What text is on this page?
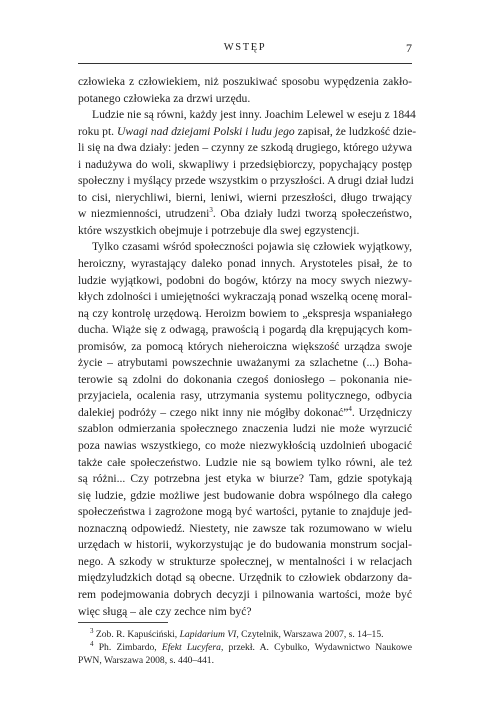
WSTĘP	7

człowieka z człowiekiem, niż poszukiwać sposobu wypędzenia zakło-
potanego człowieka za drzwi urzędu.

Ludzie nie są równi, każdy jest inny. Joachim Lelewel w eseju z 1844
roku pt. Uwagi nad dziejami Polski i ludu jego zapisał, że ludzkość dzie-
li się na dwa działy: jeden – czynny ze szkodą drugiego, którego używa
i nadużywa do woli, skwapliwy i przedsiębiorczy, popychający postęp
społeczny i myślący przede wszystkim o przyszłości. A drugi dział ludzi
to cisi, nierychliwi, bierni, leniwi, wierni przeszłości, długo trwający
w niezmienności, utrudzeni$^3$. Oba działy ludzi tworzą społeczeństwo,
które wszystkich obejmuje i potrzebuje dla swej egzystencji.

Tylko czasami wśród społeczności pojawia się człowiek wyjątkowy,
heroiczny, wyrastający daleko ponad innych. Arystoteles pisał, że to
ludzie wyjątkowi, podobni do bogów, którzy na mocy swych niezwy-
kłych zdolności i umiejętności wykraczają ponad wszelką ocenę moral-
ną czy kontrolę urzędową. Heroizm bowiem to „ekspresja wspaniałego
ducha. Wiąże się z odwagą, prawością i pogardą dla krępujących kom-
promisów, za pomocą których nieheroiczna większość urządza swoje
życie – atrybutami powszechnie uważanymi za szlachetne (...) Boha-
terowie są zdolni do dokonania czegoś doniosłego – pokonania nie-
przyjaciela, ocalenia rasy, utrzymania systemu politycznego, odbycia
dalekiej podróży – czego nikt inny nie mógłby dokonać”$^4$. Urzędniczy
szablon odmierzania społecznego znaczenia ludzi nie może wyrzucić
poza nawias wszystkiego, co może niezwykłością uzdolnień ubogacić
także całe społeczeństwo. Ludzie nie są bowiem tylko równi, ale też
są różni... Czy potrzebna jest etyka w biurze? Tam, gdzie spotykają
się ludzie, gdzie możliwe jest budowanie dobra wspólnego dla całego
społeczeństwa i zagrożone mogą być wartości, pytanie to znajduje jed-
noznaczną odpowiedź. Niestety, nie zawsze tak rozumowano w wielu
urzędach w historii, wykorzystując je do budowania monstrum socjal-
nego. A szkody w strukturze społecznej, w mentalności i w relacjach
międzyludzkich dotąd są obecne. Urzędnik to człowiek obdarzony da-
rem podejmowania dobrych decyzji i pilnowania wartości, może być
więc sługą – ale czy zechce nim być?

$^3$ Zob. R. Kapuściński, Lapidarium VI, Czytelnik, Warszawa 2007, s. 14–15.
$^4$ Ph. Zimbardo, Efekt Lucyfera, przekł. A. Cybulko, Wydawnictwo Naukowe
PWN, Warszawa 2008, s. 440–441.
